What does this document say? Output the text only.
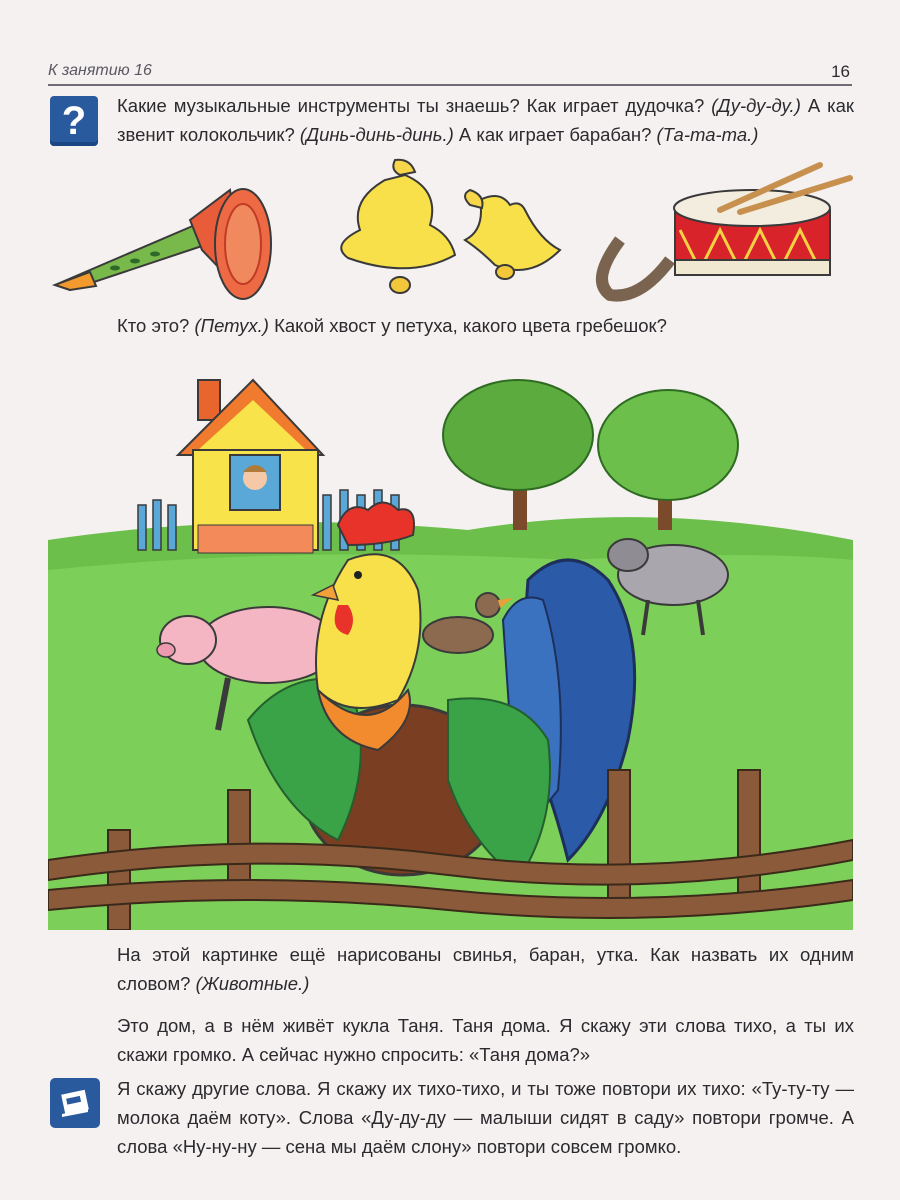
К занятию 16	16
?	Какие музыкальные инструменты ты знаешь? Как играет дудочка? (Ду-ду-ду.) А как звенит колокольчик? (Динь-динь-динь.) А как играет барабан? (Та-та-та.)
Кто это? (Петух.) Какой хвост у петуха, какого цвета гребешок?
На этой картинке ещё нарисованы свинья, баран, утка. Как назвать их одним словом? (Животные.)
Это дом, а в нём живёт кукла Таня. Таня дома. Я скажу эти слова тихо, а ты их скажи громко. А сейчас нужно спросить: «Таня дома?»
Я скажу другие слова. Я скажу их тихо-тихо, и ты тоже повтори их тихо: «Ту-ту-ту — молока даём коту». Слова «Ду-ду-ду — малыши сидят в саду» повтори громче. А слова «Ну-ну-ну — сена мы даём слону» повтори совсем громко.
